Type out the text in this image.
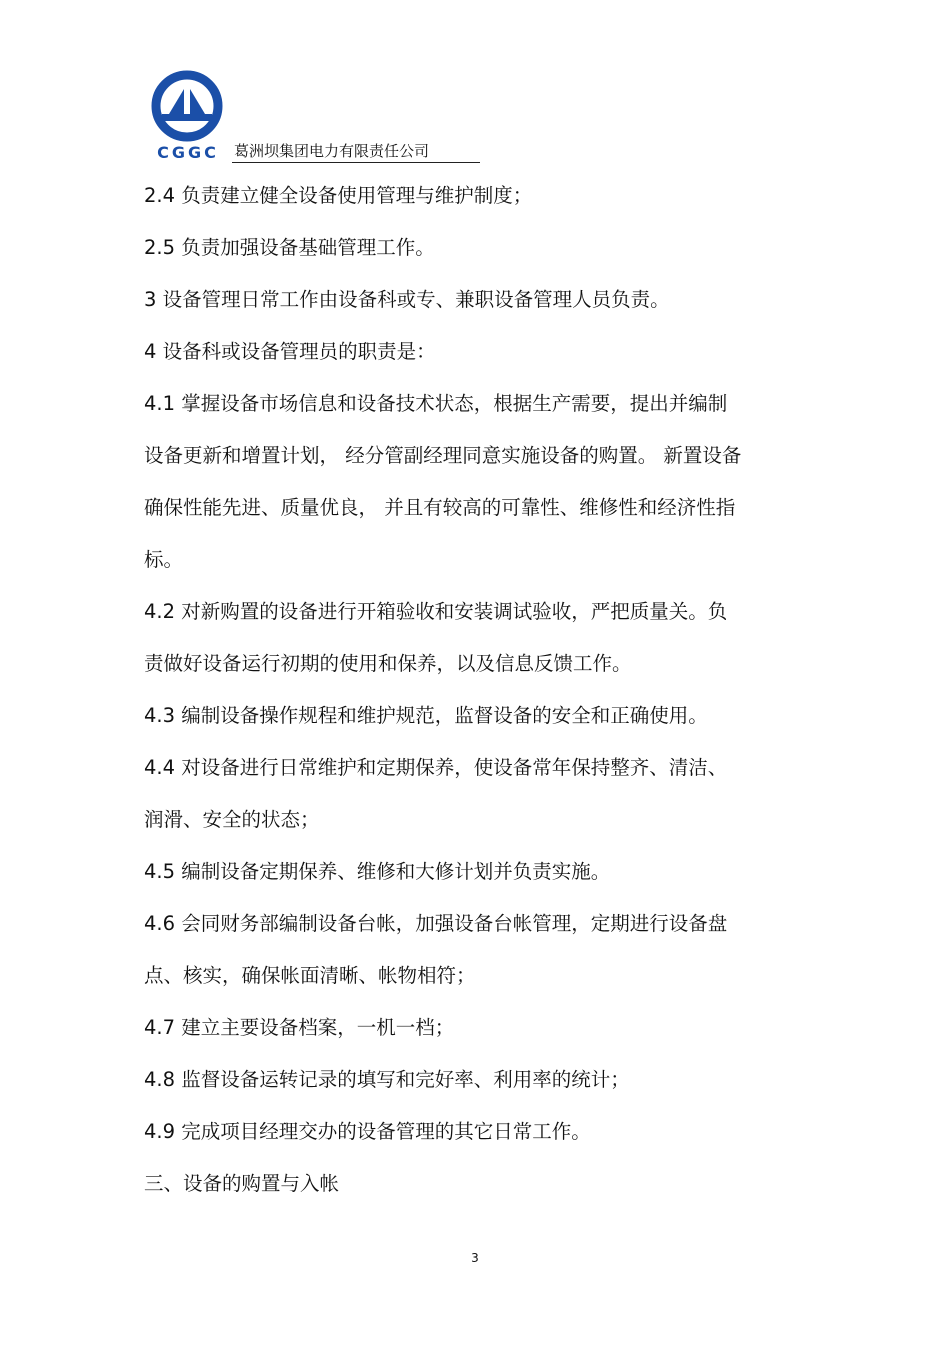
CGGC 葛洲坝集团电力有限责任公司
2.4 负责建立健全设备使用管理与维护制度；
2.5 负责加强设备基础管理工作。
3 设备管理日常工作由设备科或专、兼职设备管理人员负责。
4 设备科或设备管理员的职责是：
4.1 掌握设备市场信息和设备技术状态，根据生产需要，提出并编制
设备更新和增置计划， 经分管副经理同意实施设备的购置。 新置设备
确保性能先进、质量优良， 并且有较高的可靠性、维修性和经济性指
标。
4.2 对新购置的设备进行开箱验收和安装调试验收，严把质量关。负
责做好设备运行初期的使用和保养，以及信息反馈工作。
4.3 编制设备操作规程和维护规范，监督设备的安全和正确使用。
4.4 对设备进行日常维护和定期保养，使设备常年保持整齐、清洁、
润滑、安全的状态；
4.5 编制设备定期保养、维修和大修计划并负责实施。
4.6 会同财务部编制设备台帐，加强设备台帐管理，定期进行设备盘
点、核实，确保帐面清晰、帐物相符；
4.7 建立主要设备档案，一机一档；
4.8 监督设备运转记录的填写和完好率、利用率的统计；
4.9 完成项目经理交办的设备管理的其它日常工作。
三、设备的购置与入帐
3
